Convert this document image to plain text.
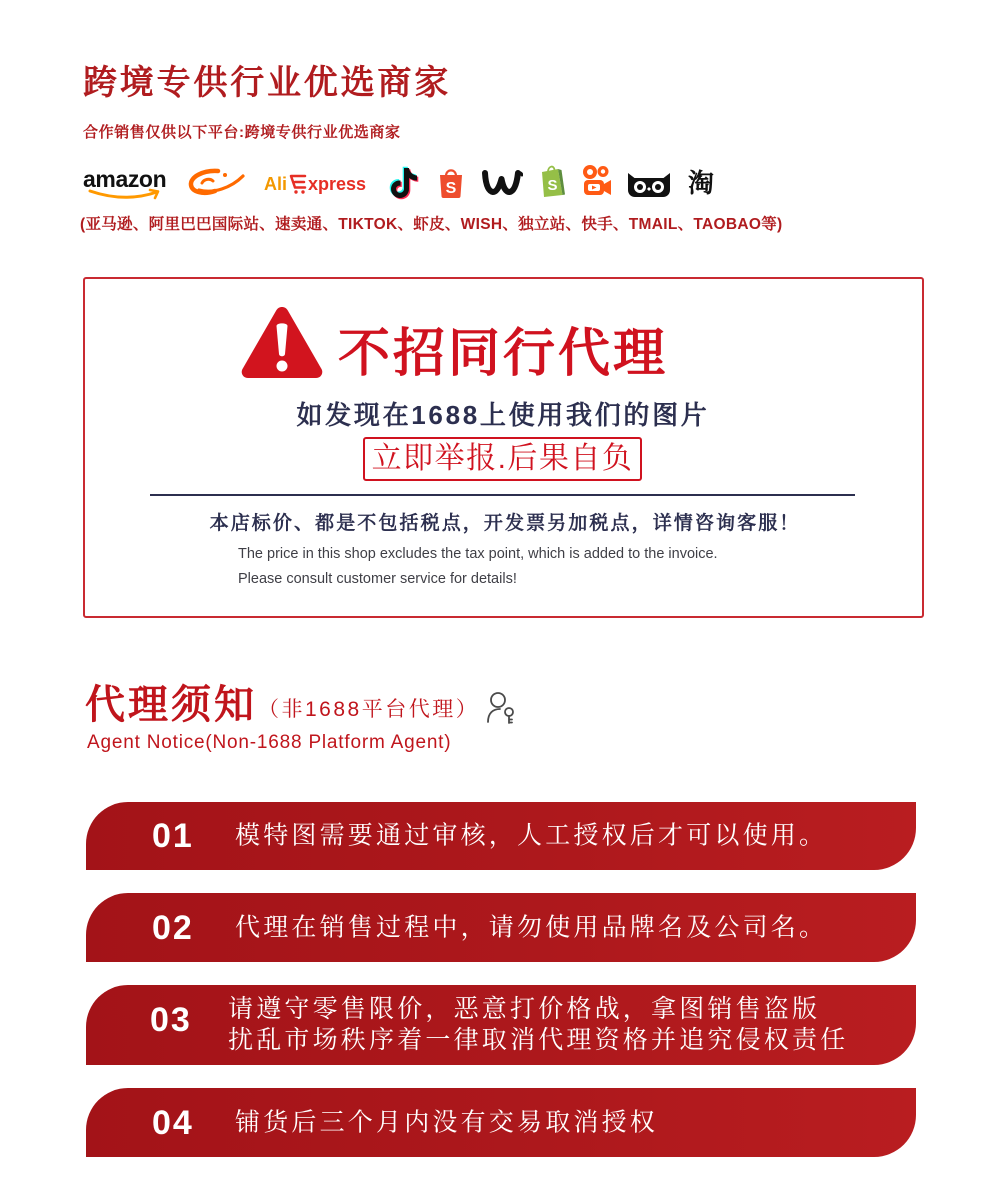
跨境专供行业优选商家
合作销售仅供以下平台:跨境专供行业优选商家
amazon	Ali xpress	S	S	淘
(亚马逊、阿里巴巴国际站、速卖通、TIKTOK、虾皮、WISH、独立站、快手、TMAIL、TAOBAO等)
不招同行代理
如发现在1688上使用我们的图片
立即举报.后果自负
本店标价、都是不包括税点，开发票另加税点，详情咨询客服！
The price in this shop excludes the tax point, which is added to the invoice.
Please consult customer service for details!
代理须知 （非1688平台代理）
Agent Notice(Non-1688 Platform Agent)
01 模特图需要通过审核，人工授权后才可以使用。
02 代理在销售过程中，请勿使用品牌名及公司名。
03 请遵守零售限价，恶意打价格战，拿图销售盗版
扰乱市场秩序着一律取消代理资格并追究侵权责任
04 铺货后三个月内没有交易取消授权
